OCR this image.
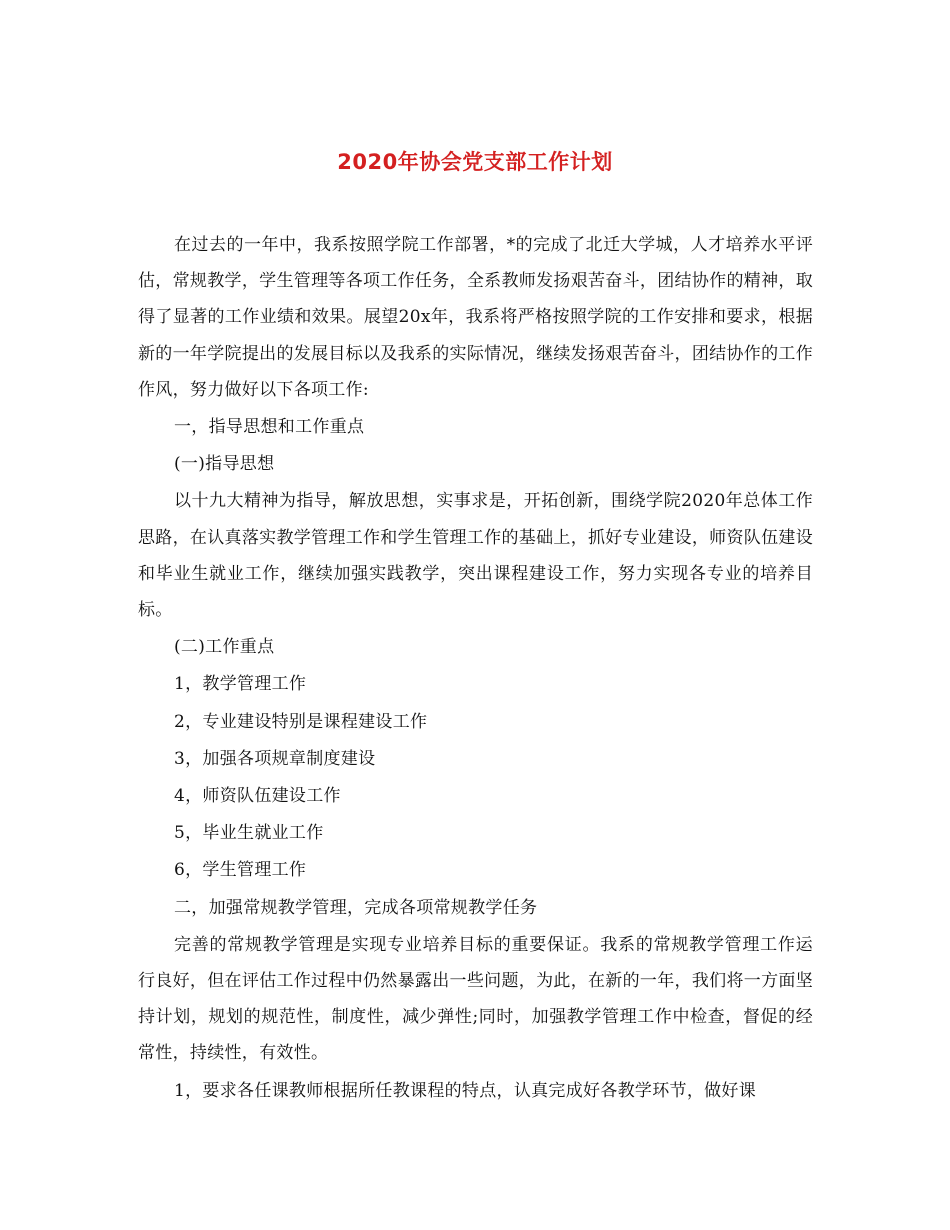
2020年协会党支部工作计划

在过去的一年中，我系按照学院工作部署，*的完成了北迁大学城，人才培养水平评估，常规教学，学生管理等各项工作任务，全系教师发扬艰苦奋斗，团结协作的精神，取得了显著的工作业绩和效果。展望20x年，我系将严格按照学院的工作安排和要求，根据新的一年学院提出的发展目标以及我系的实际情况，继续发扬艰苦奋斗，团结协作的工作作风，努力做好以下各项工作:

一，指导思想和工作重点

(一)指导思想

以十九大精神为指导，解放思想，实事求是，开拓创新，围绕学院2020年总体工作思路，在认真落实教学管理工作和学生管理工作的基础上，抓好专业建设，师资队伍建设和毕业生就业工作，继续加强实践教学，突出课程建设工作，努力实现各专业的培养目标。

(二)工作重点

1，教学管理工作

2，专业建设特别是课程建设工作

3，加强各项规章制度建设

4，师资队伍建设工作

5，毕业生就业工作

6，学生管理工作

二，加强常规教学管理，完成各项常规教学任务

完善的常规教学管理是实现专业培养目标的重要保证。我系的常规教学管理工作运行良好，但在评估工作过程中仍然暴露出一些问题，为此，在新的一年，我们将一方面坚持计划，规划的规范性，制度性，减少弹性;同时，加强教学管理工作中检查，督促的经常性，持续性，有效性。

1，要求各任课教师根据所任教课程的特点，认真完成好各教学环节，做好课
